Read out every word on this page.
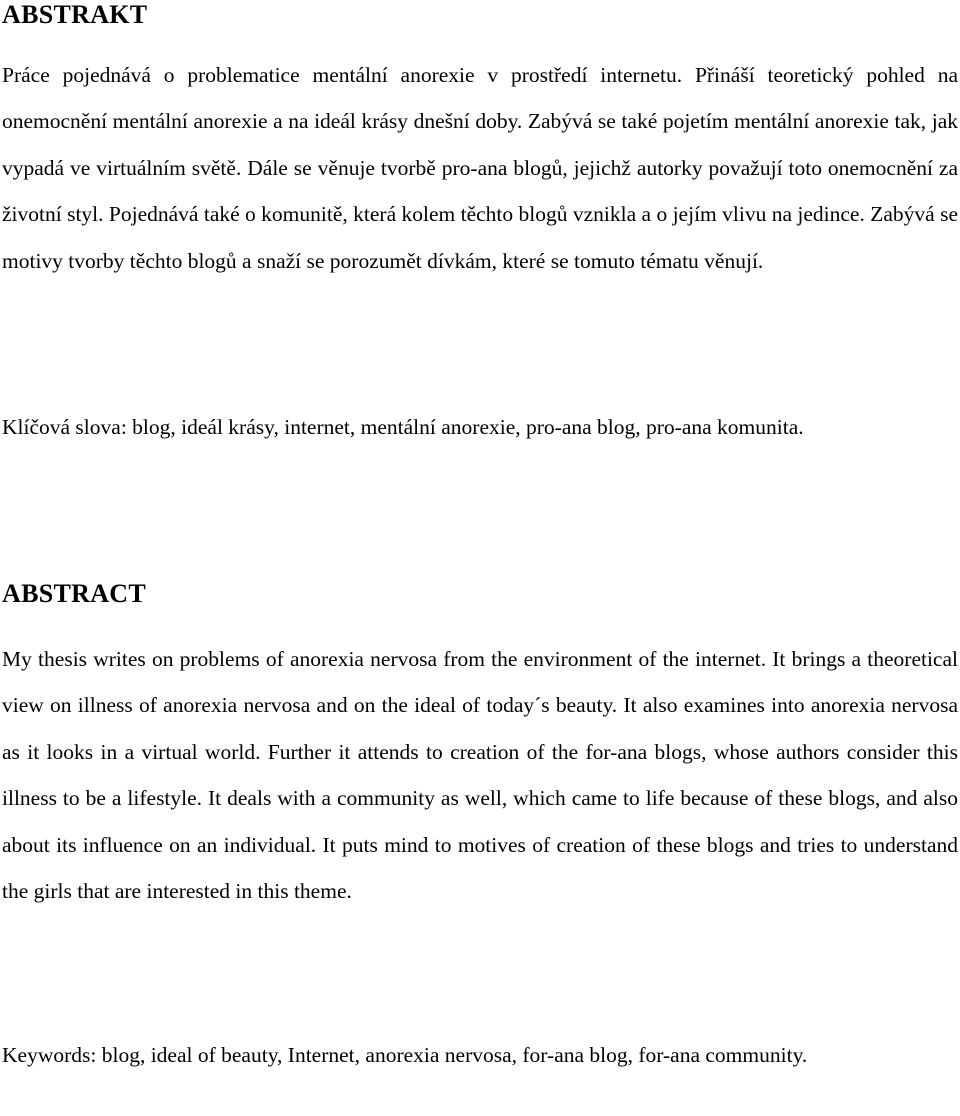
ABSTRAKT

Práce pojednává o problematice mentální anorexie v prostředí internetu. Přináší teoretický pohled na onemocnění mentální anorexie a na ideál krásy dnešní doby. Zabývá se také pojetím mentální anorexie tak, jak vypadá ve virtuálním světě. Dále se věnuje tvorbě pro-ana blogů, jejichž autorky považují toto onemocnění za životní styl. Pojednává také o komunitě, která kolem těchto blogů vznikla a o jejím vlivu na jedince. Zabývá se motivy tvorby těchto blogů a snaží se porozumět dívkám, které se tomuto tématu věnují.

Klíčová slova: blog, ideál krásy, internet, mentální anorexie, pro-ana blog, pro-ana komunita.

ABSTRACT

My thesis writes on problems of anorexia nervosa from the environment of the internet. It brings a theoretical view on illness of anorexia nervosa and on the ideal of today´s beauty. It also examines into anorexia nervosa as it looks in a virtual world. Further it attends to creation of the for-ana blogs, whose authors consider this illness to be a lifestyle. It deals with a community as well, which came to life because of these blogs, and also about its influence on an individual. It puts mind to motives of creation of these blogs and tries to understand the girls that are interested in this theme.

Keywords: blog, ideal of beauty, Internet, anorexia nervosa, for-ana blog, for-ana community.
